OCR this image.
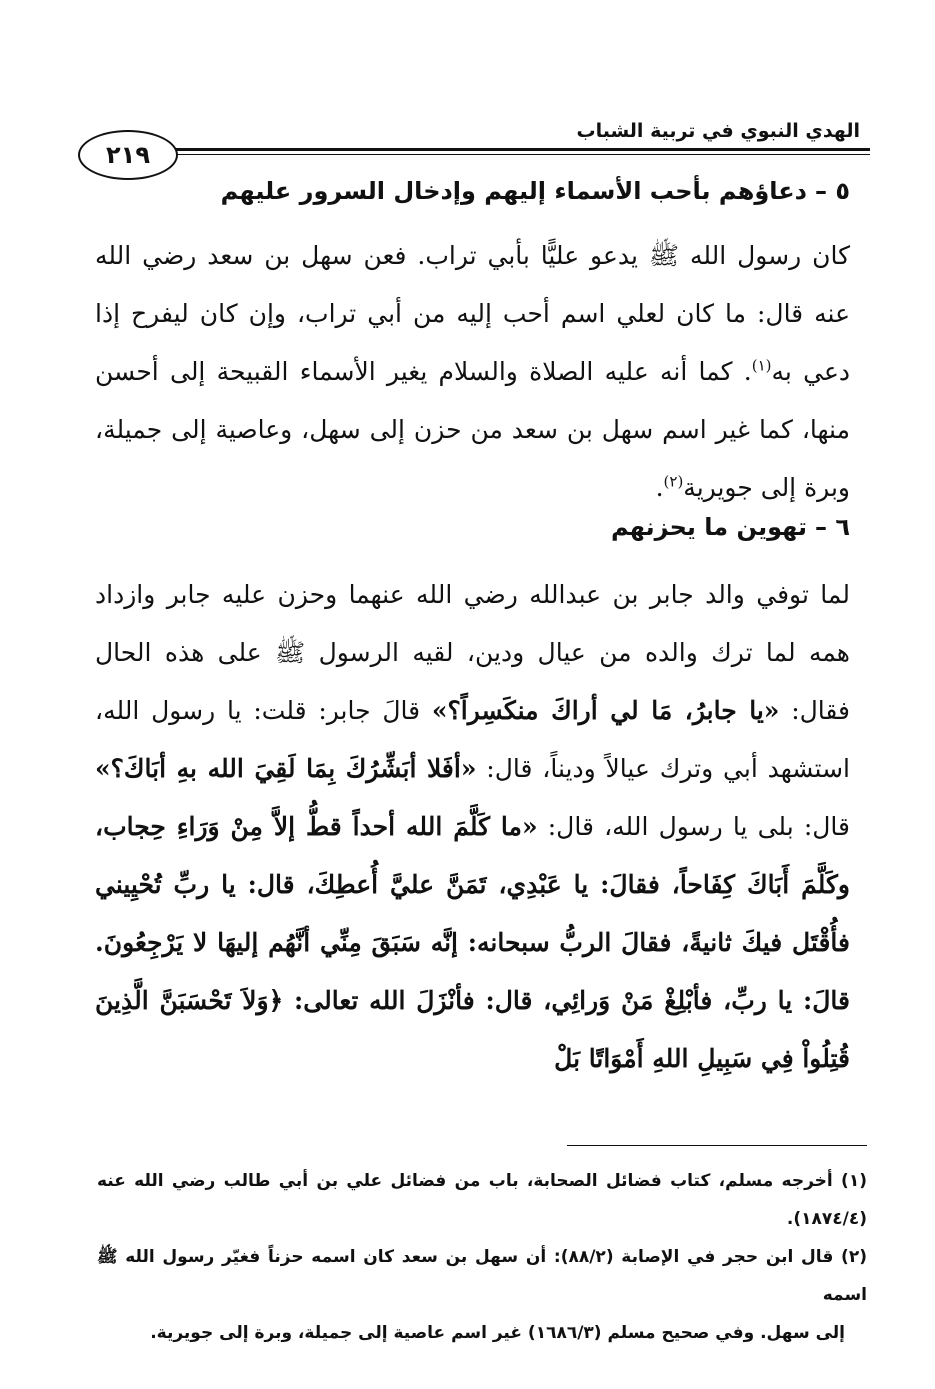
الهدي النبوي في تربية الشباب
٢١٩
٥ –دعاؤهم بأحب الأسماء إليهم وإدخال السرور عليهم

كان رسول الله ﷺ يدعو عليًّا بأبي تراب. فعن سهل بن سعد رضي الله عنه قال: ما كان لعلي اسم أحب إليه من أبي تراب، وإن كان ليفرح إذا دعي به$^{(١)}$. كما أنه عليه الصلاة والسلام يغير الأسماء القبيحة إلى أحسن منها، كما غير اسم سهل بن سعد من حزن إلى سهل، وعاصية إلى جميلة، وبرة إلى جويرية$^{(٢)}$.

٦ –تهوين ما يحزنهم

لما توفي والد جابر بن عبدالله رضي الله عنهما وحزن عليه جابر وازداد همه لما ترك والده من عيال ودين، لقيه الرسول ﷺ على هذه الحال فقال: «يا جابرُ، مَا لي أراكَ منكَسِراً؟» قالَ جابر: قلت: يا رسول الله، استشهد أبي وترك عيالاً وديناً، قال: «أفَلا أبَشِّرُكَ بِمَا لَقِيَ الله بهِ أبَاكَ؟» قال: بلى يا رسول الله، قال: «ما كَلَّمَ الله أحداً قطُّ إلاَّ مِنْ وَرَاءِ حِجاب، وكَلَّمَ أَبَاكَ كِفَاحاً، فقالَ: يا عَبْدِي، تَمَنَّ عليَّ أُعطِكَ، قال: يا ربِّ تُحْيِيني فأُقْتَل فيكَ ثانيةً، فقالَ الربُّ سبحانه: إنَّه سَبَقَ مِنِّي أنَّهُم إليهَا لا يَرْجِعُونَ. قالَ: يا ربِّ، فأبْلِغْ مَنْ وَرائِي، قال: فأنْزَلَ الله تعالى: ﴿وَلاَ تَحْسَبَنَّ الَّذِينَ قُتِلُواْ فِي سَبِيلِ اللهِ أَمْوَاتًا بَلْ

(١) أخرجه مسلم، كتاب فضائل الصحابة، باب من فضائل علي بن أبي طالب رضي الله عنه (١٨٧٤/٤).

(٢) قال ابن حجر في الإصابة (٨٨/٢): أن سهل بن سعد كان اسمه حزناً فغيّر رسول الله ﷺ اسمه

إلى سهل. وفي صحيح مسلم (١٦٨٦/٣) غير اسم عاصية إلى جميلة، وبرة إلى جويرية.
